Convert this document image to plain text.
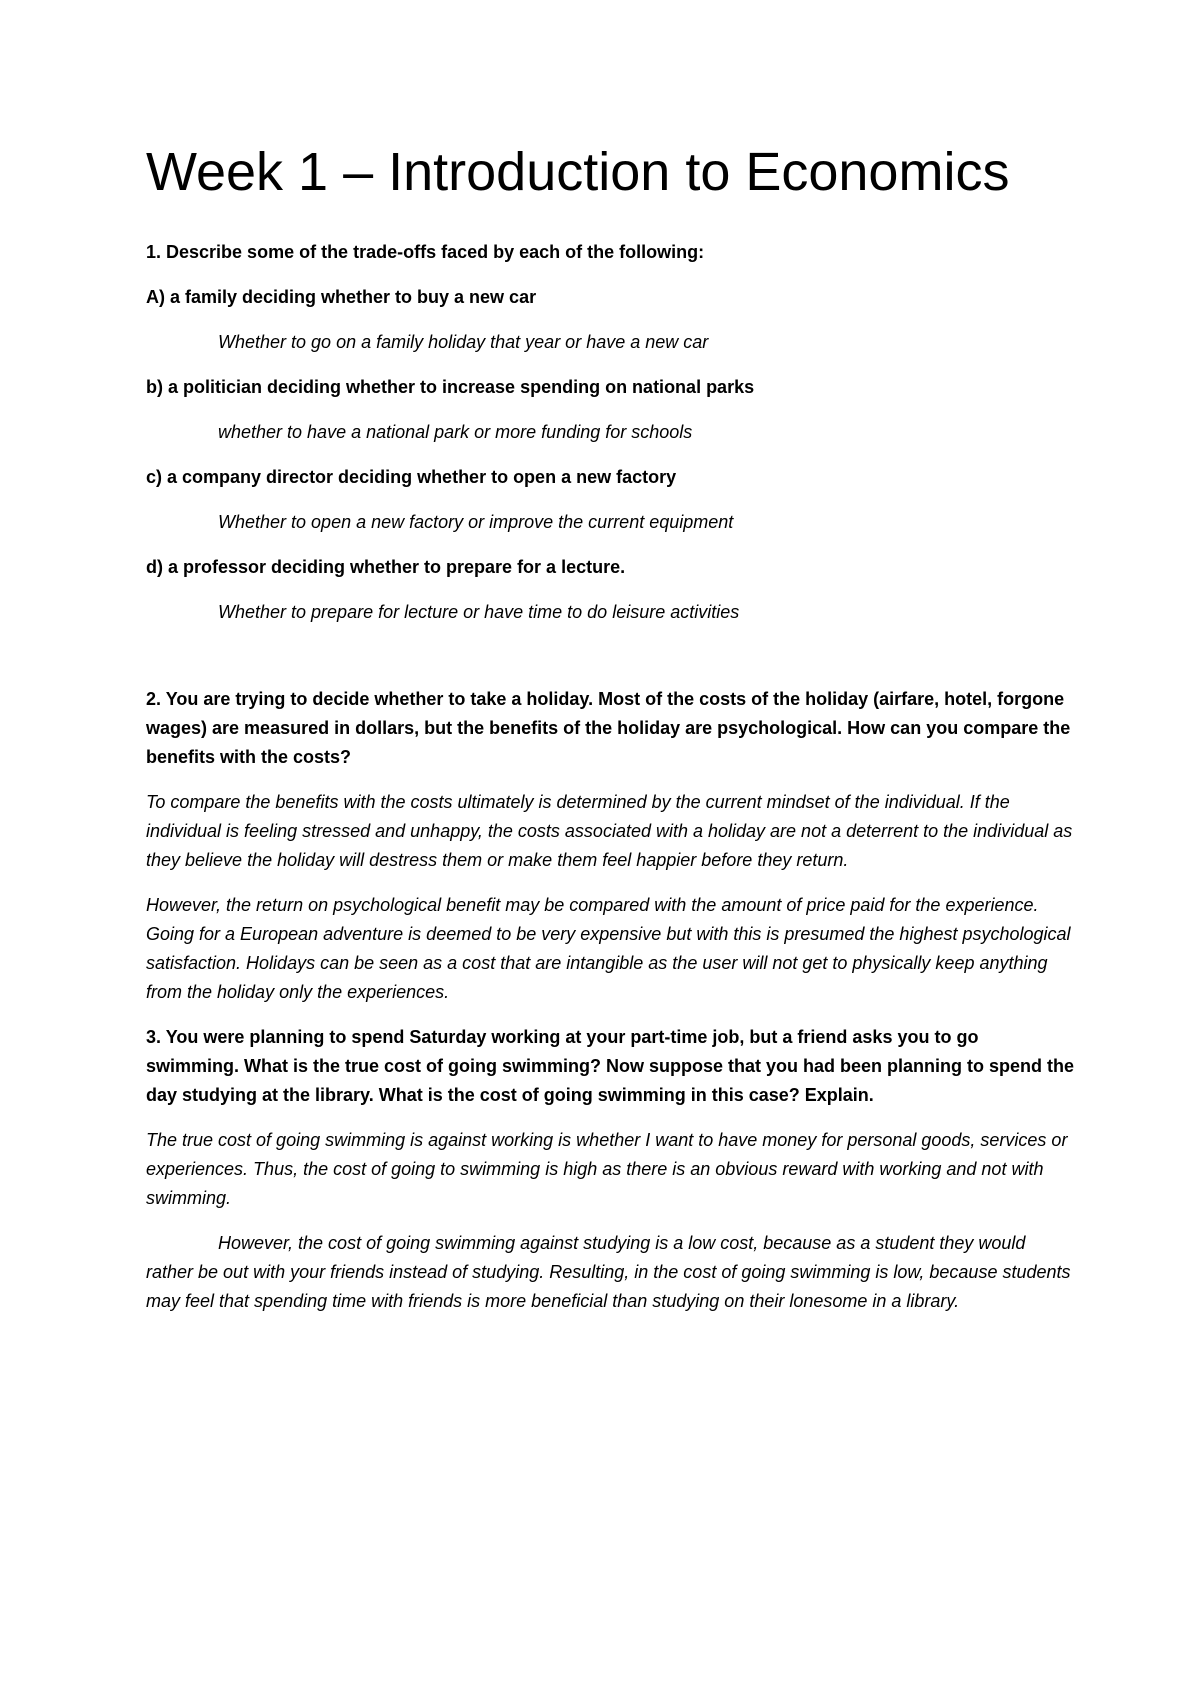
Week 1 – Introduction to Economics

1. Describe some of the trade-offs faced by each of the following:

A) a family deciding whether to buy a new car

Whether to go on a family holiday that year or have a new car

b) a politician deciding whether to increase spending on national parks

whether to have a national park or more funding for schools

c) a company director deciding whether to open a new factory

Whether to open a new factory or improve the current equipment

d) a professor deciding whether to prepare for a lecture.

Whether to prepare for lecture or have time to do leisure activities

2. You are trying to decide whether to take a holiday. Most of the costs of the holiday (airfare, hotel, forgone wages) are measured in dollars, but the benefits of the holiday are psychological. How can you compare the benefits with the costs?

To compare the benefits with the costs ultimately is determined by the current mindset of the individual. If the individual is feeling stressed and unhappy, the costs associated with a holiday are not a deterrent to the individual as they believe the holiday will destress them or make them feel happier before they return.

However, the return on psychological benefit may be compared with the amount of price paid for the experience. Going for a European adventure is deemed to be very expensive but with this is presumed the highest psychological satisfaction. Holidays can be seen as a cost that are intangible as the user will not get to physically keep anything from the holiday only the experiences.

3. You were planning to spend Saturday working at your part-time job, but a friend asks you to go swimming. What is the true cost of going swimming? Now suppose that you had been planning to spend the day studying at the library. What is the cost of going swimming in this case? Explain.

The true cost of going swimming is against working is whether I want to have money for personal goods, services or experiences. Thus, the cost of going to swimming is high as there is an obvious reward with working and not with swimming.

However, the cost of going swimming against studying is a low cost, because as a student they would rather be out with your friends instead of studying. Resulting, in the cost of going swimming is low, because students may feel that spending time with friends is more beneficial than studying on their lonesome in a library.
